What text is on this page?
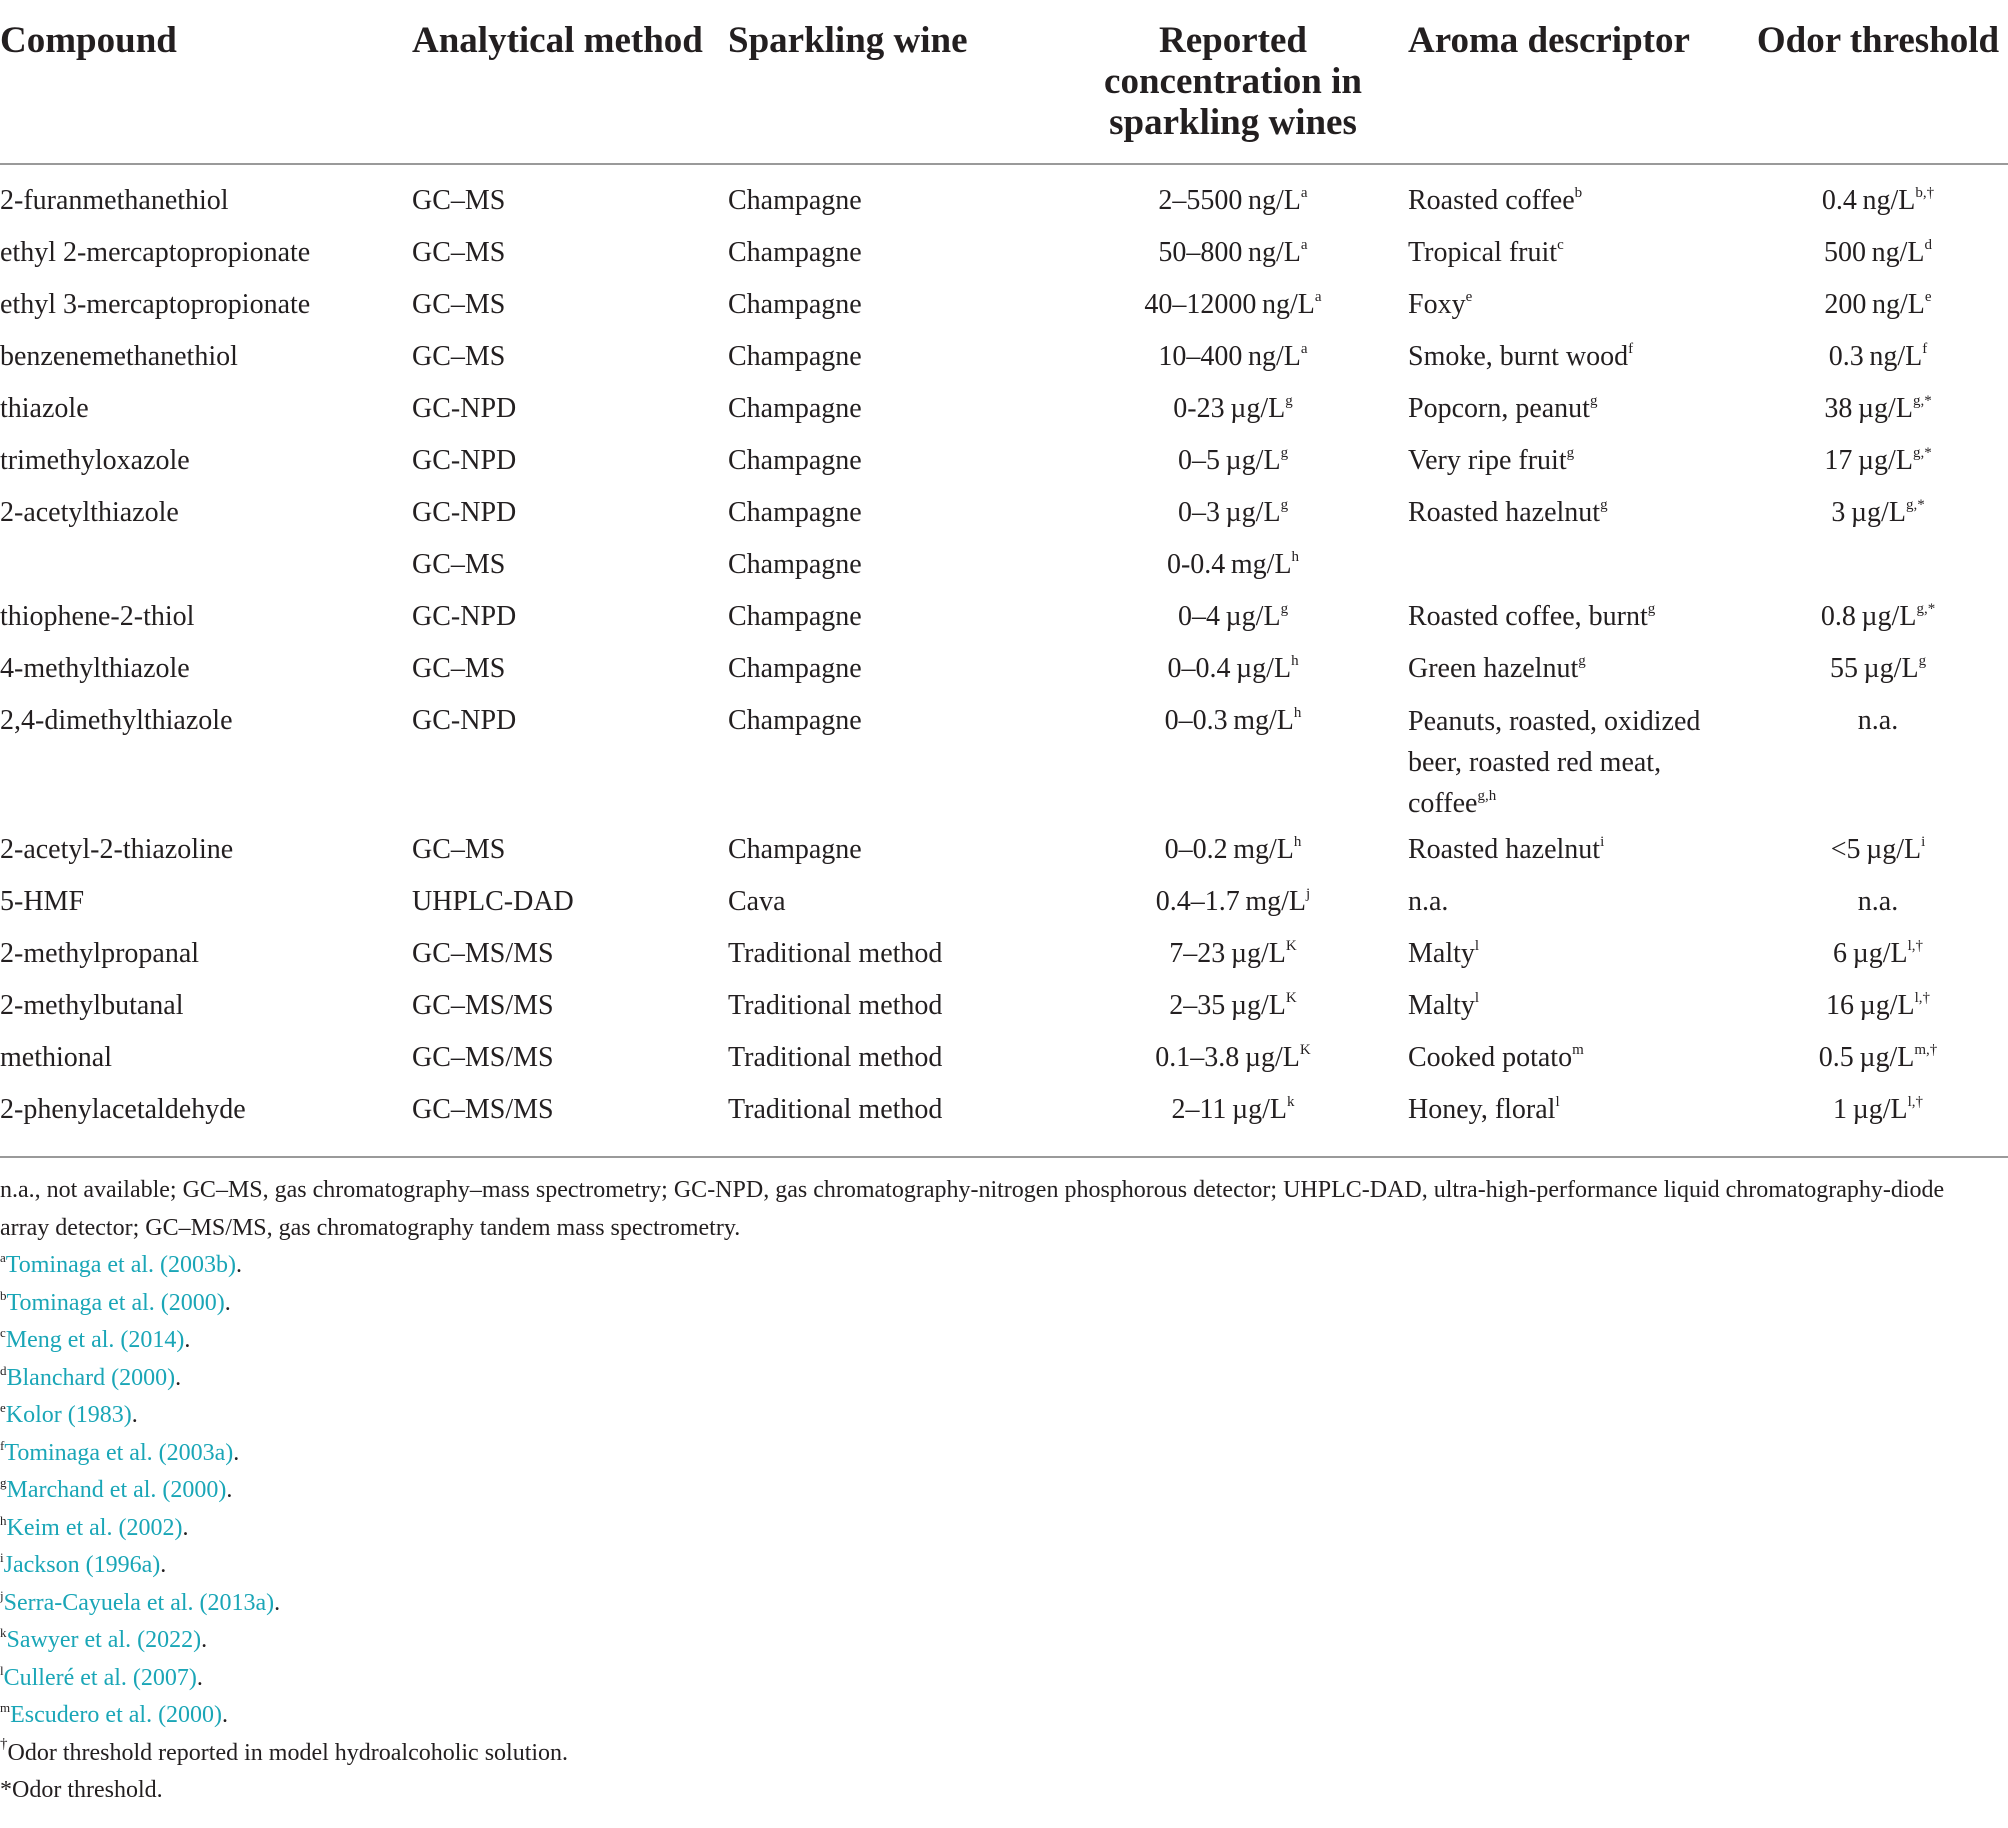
Compound	Analytical method	Sparkling wine	Reported concentration in sparkling wines	Aroma descriptor	Odor threshold
2-furanmethanethiol	GC–MS	Champagne	2–5500 $ng/L^a$	Roasted coffee$^b$	0.4 $ng/L^{b,\dagger}$
ethyl 2-mercaptopropionate	GC–MS	Champagne	50–800 $ng/L^a$	Tropical fruit$^c$	500 $ng/L^d$
ethyl 3-mercaptopropionate	GC–MS	Champagne	40–12000 $ng/L^a$	Foxy$^e$	200 ng/Le
benzenemethanethiol	GC–MS	Champagne	10–400 $ng/L^a$	Smoke, burnt wood$^f$	0.3 $ng/L^f$
thiazole	GC-NPD	Champagne	0-23 $\mu g/L^g$	Popcorn, peanut$^g$	38 $\mu g/L^{g,*}$
trimethyloxazole	GC-NPD	Champagne	0–5 $\mu g/L^g$	Very ripe fruit$^g$	17 $\mu g/L^{g,*}$
2-acetylthiazole	GC-NPD	Champagne	0–3 $\mu g/L^g$	Roasted hazelnut$^g$	3 $\mu g/L^{g,*}$
	GC–MS	Champagne	0-0.4 $mg/L^h$		
thiophene-2-thiol	GC-NPD	Champagne	0–4 $\mu g/L^g$	Roasted coffee, burnt$^g$	0.8 $\mu g/L^{g,*}$
4-methylthiazole	GC–MS	Champagne	0–0.4 $\mu g/L^h$	Green hazelnut$^g$	55 $\mu g/L^g$
2,4-dimethylthiazole	GC-NPD	Champagne	0–0.3 $mg/L^h$	Peanuts, roasted, oxidized beer, roasted red meat, coffee$^{g,h}$	n.a.
2-acetyl-2-thiazoline	GC–MS	Champagne	0–0.2 $mg/L^h$	Roasted hazelnut$^i$	<5 $\mu g/L^i$
5-HMF	UHPLC-DAD	Cava	0.4–1.7 $mg/L^j$	n.a.	n.a.
2-methylpropanal	GC–MS/MS	Traditional method	7–23 $\mu g/L^K$	Malty$^l$	6 $\mu g/L^{l,\dagger}$
2-methylbutanal	GC–MS/MS	Traditional method	2–35 $\mu g/L^K$	Malty$^l$	16 $\mu g/L^{l,\dagger}$
methional	GC–MS/MS	Traditional method	0.1–3.8 $\mu g/L^K$	Cooked potato$^m$	0.5 $\mu g/L^{m,\dagger}$
2-phenylacetaldehyde	GC–MS/MS	Traditional method	2–11 $\mu g/L^k$	Honey, floral$^l$	1 $\mu g/L^{l,\dagger}$
n.a., not available; GC–MS, gas chromatography–mass spectrometry; GC-NPD, gas chromatography-nitrogen phosphorous detector; UHPLC-DAD, ultra-high-performance liquid chromatography-diode array detector; GC–MS/MS, gas chromatography tandem mass spectrometry.
$^a$Tominaga et al. (2003b).
$^b$Tominaga et al. (2000).
$^c$Meng et al. (2014).
$^d$Blanchard (2000).
$^e$Kolor (1983).
$^f$Tominaga et al. (2003a).
$^g$Marchand et al. (2000).
$^h$Keim et al. (2002).
$^i$Jackson (1996a).
$^j$Serra-Cayuela et al. (2013a).
$^k$Sawyer et al. (2022).
$^l$Culleré et al. (2007).
$^m$Escudero et al. (2000).
†Odor threshold reported in model hydroalcoholic solution.
*Odor threshold.
